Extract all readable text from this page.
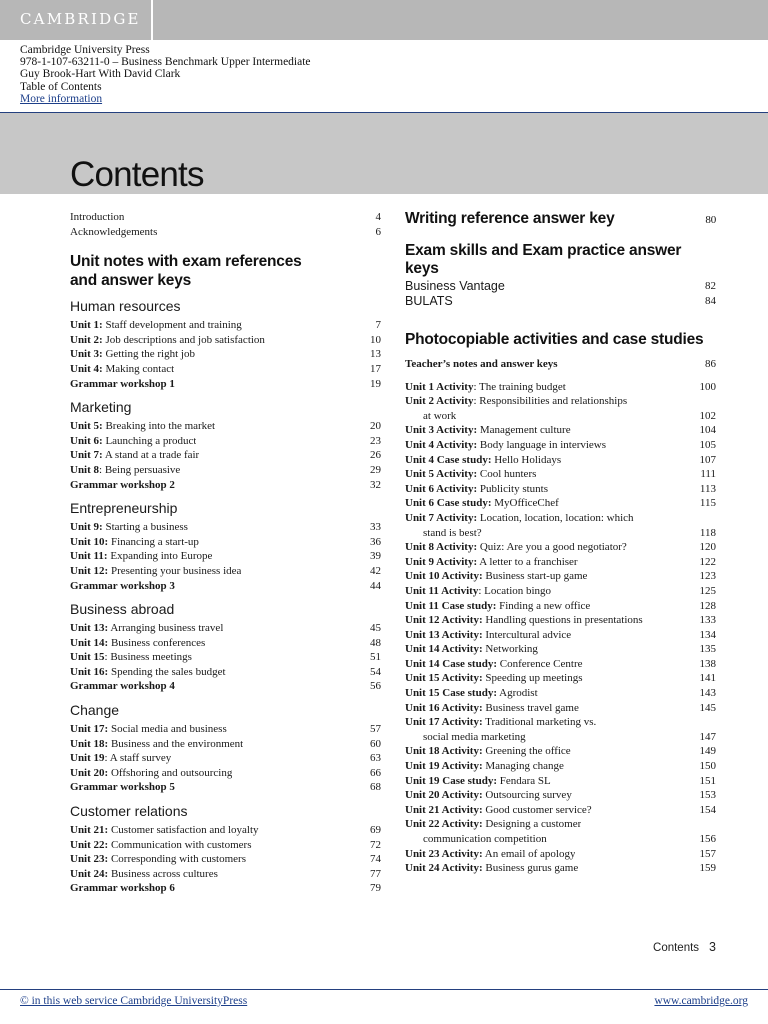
CAMBRIDGE
Cambridge University Press
978-1-107-63211-0 – Business Benchmark Upper Intermediate
Guy Brook-Hart With David Clark
Table of Contents
More information
Contents
Introduction	4
Acknowledgements	6
Unit notes with exam references
and answer keys
Human resources
Unit 1: Staff development and training	7
Unit 2: Job descriptions and job satisfaction	10
Unit 3: Getting the right job	13
Unit 4: Making contact	17
Grammar workshop 1	19
Marketing
Unit 5: Breaking into the market	20
Unit 6: Launching a product	23
Unit 7: A stand at a trade fair	26
Unit 8: Being persuasive	29
Grammar workshop 2	32
Entrepreneurship
Unit 9: Starting a business	33
Unit 10: Financing a start-up	36
Unit 11: Expanding into Europe	39
Unit 12: Presenting your business idea	42
Grammar workshop 3	44
Business abroad
Unit 13: Arranging business travel	45
Unit 14: Business conferences	48
Unit 15: Business meetings	51
Unit 16: Spending the sales budget	54
Grammar workshop 4	56
Change
Unit 17: Social media and business	57
Unit 18: Business and the environment	60
Unit 19: A staff survey	63
Unit 20: Offshoring and outsourcing	66
Grammar workshop 5	68
Customer relations
Unit 21: Customer satisfaction and loyalty	69
Unit 22: Communication with customers	72
Unit 23: Corresponding with customers	74
Unit 24: Business across cultures	77
Grammar workshop 6	79
Writing reference answer key	80
Exam skills and Exam practice answer keys
Business Vantage	82
BULATS	84
Photocopiable activities and case studies
Teacher’s notes and answer keys	86
Unit 1 Activity: The training budget	100
Unit 2 Activity: Responsibilities and relationships
at work	102
Unit 3 Activity: Management culture	104
Unit 4 Activity: Body language in interviews	105
Unit 4 Case study: Hello Holidays	107
Unit 5 Activity: Cool hunters	111
Unit 6 Activity: Publicity stunts	113
Unit 6 Case study: MyOfficeChef	115
Unit 7 Activity: Location, location, location: which
stand is best?	118
Unit 8 Activity: Quiz: Are you a good negotiator?	120
Unit 9 Activity: A letter to a franchiser	122
Unit 10 Activity: Business start-up game	123
Unit 11 Activity: Location bingo	125
Unit 11 Case study: Finding a new office	128
Unit 12 Activity: Handling questions in presentations	133
Unit 13 Activity: Intercultural advice	134
Unit 14 Activity: Networking	135
Unit 14 Case study: Conference Centre	138
Unit 15 Activity: Speeding up meetings	141
Unit 15 Case study: Agrodist	143
Unit 16 Activity: Business travel game	145
Unit 17 Activity: Traditional marketing vs.
social media marketing	147
Unit 18 Activity: Greening the office	149
Unit 19 Activity: Managing change	150
Unit 19 Case study: Fendara SL	151
Unit 20 Activity: Outsourcing survey	153
Unit 21 Activity: Good customer service?	154
Unit 22 Activity: Designing a customer
communication competition	156
Unit 23 Activity: An email of apology	157
Unit 24 Activity: Business gurus game	159
Contents 3
© in this web service Cambridge UniversityPress	www.cambridge.org
